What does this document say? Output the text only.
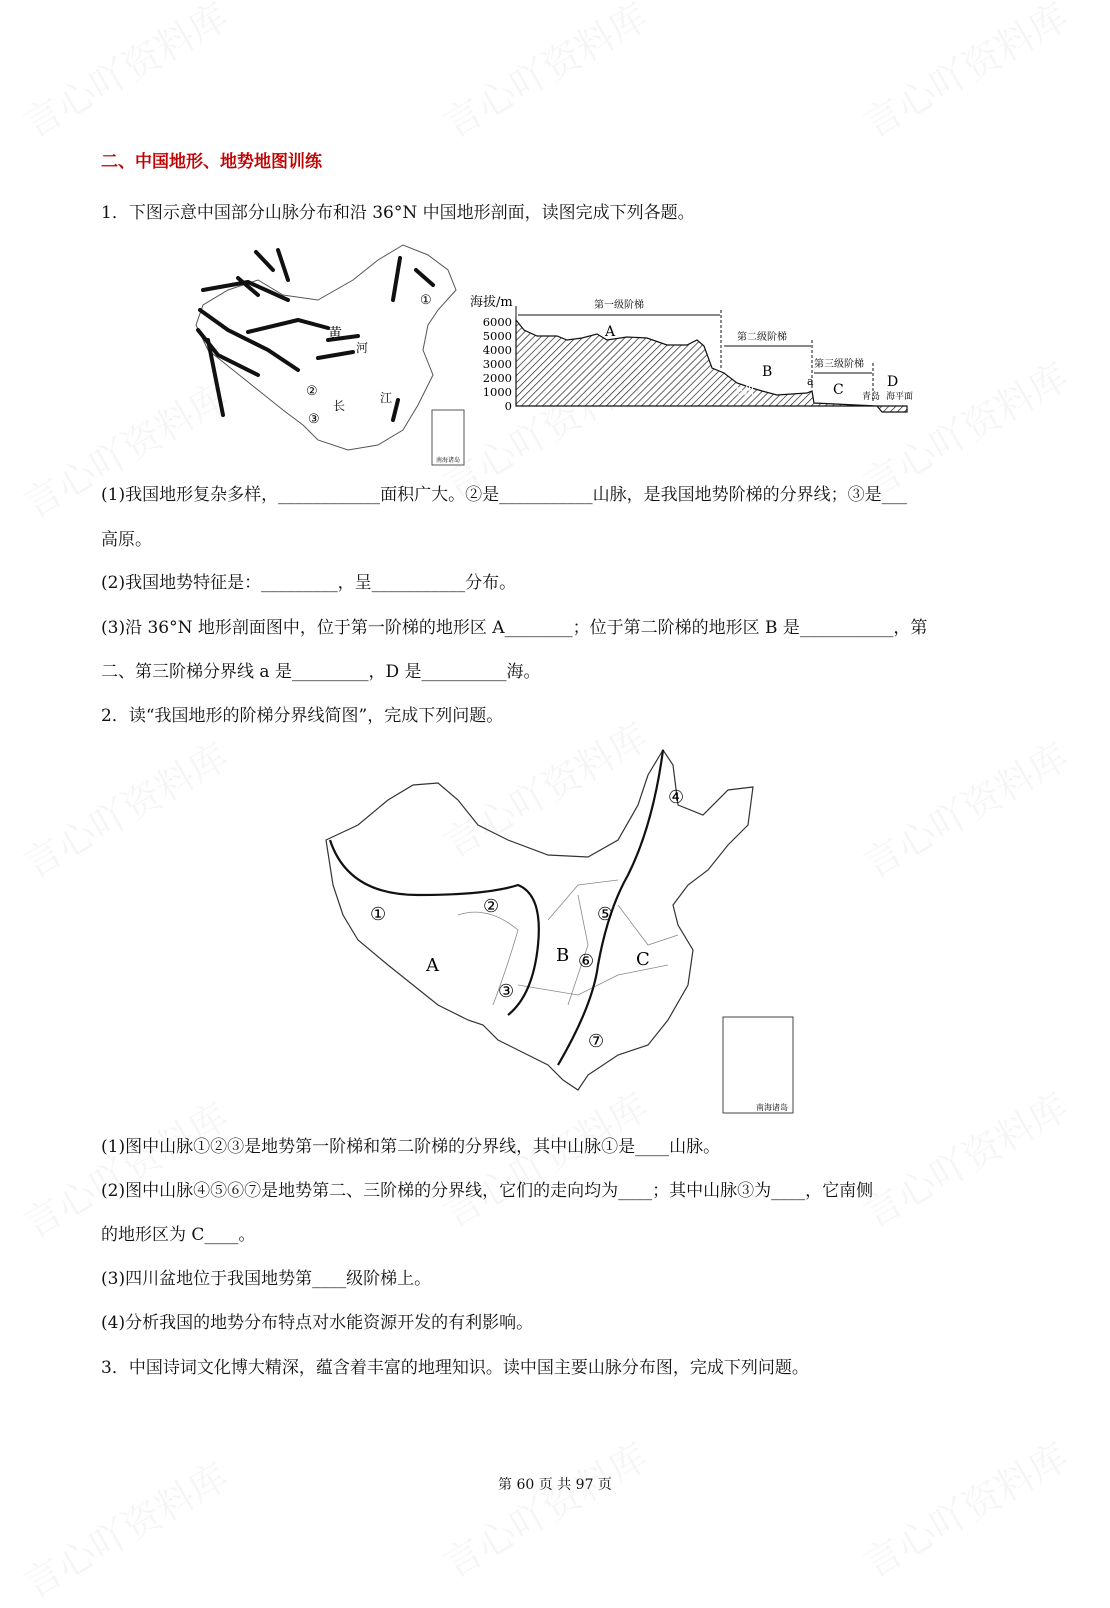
二、中国地形、地势地图训练
1．下图示意中国部分山脉分布和沿 36°N 中国地形剖面，读图完成下列各题。
黄
河
长
江
①
②
③
南海诸岛
海拔/m
6000
5000
4000
3000
2000
1000
0
第一级阶梯
第二级阶梯
第三级阶梯
A
B
C	D
a
兰州	青岛 海平面
(1)我国地形复杂多样，____________面积广大。②是___________山脉，是我国地势阶梯的分界线；③是___
高原。
(2)我国地势特征是：_________，呈___________分布。
(3)沿 36°N 地形剖面图中，位于第一阶梯的地形区 A________；位于第二阶梯的地形区 B 是___________，第
二、第三阶梯分界线 a 是_________，D 是__________海。
2．读“我国地形的阶梯分界线简图”，完成下列问题。
①	②
③
④
⑤
⑥
⑦
A	B	C
南海诸岛
(1)图中山脉①②③是地势第一阶梯和第二阶梯的分界线，其中山脉①是____山脉。
(2)图中山脉④⑤⑥⑦是地势第二、三阶梯的分界线，它们的走向均为____；其中山脉③为____，它南侧
的地形区为 C____。
(3)四川盆地位于我国地势第____级阶梯上。
(4)分析我国的地势分布特点对水能资源开发的有利影响。
3．中国诗词文化博大精深，蕴含着丰富的地理知识。读中国主要山脉分布图，完成下列问题。
第 60 页 共 97 页
